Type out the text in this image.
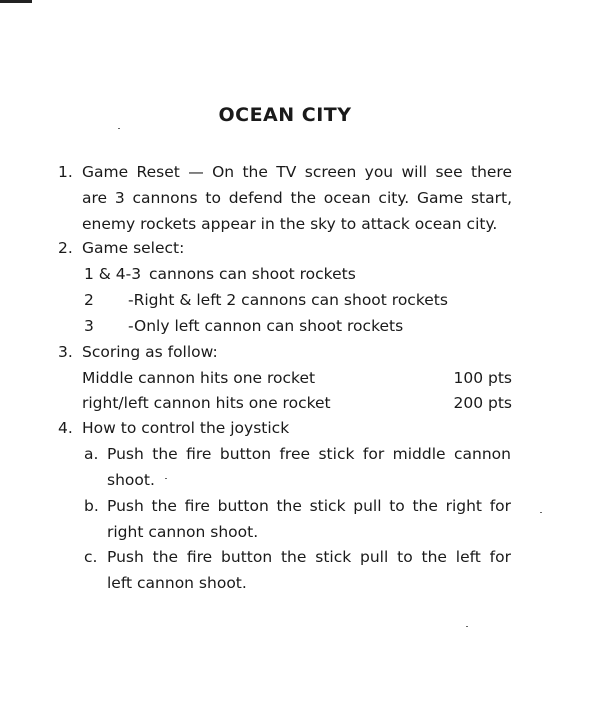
OCEAN CITY
1. Game Reset — On the TV screen you will see there
are 3 cannons to defend the ocean city. Game start,
enemy rockets appear in the sky to attack ocean city.
2. Game select:
1 & 4-3 cannons can shoot rockets
2 -Right & left 2 cannons can shoot rockets
3 -Only left cannon can shoot rockets
3. Scoring as follow:
Middle cannon hits one rocket	100 pts
right/left cannon hits one rocket	200 pts
4. How to control the joystick
a. Push the fire button free stick for middle cannon
shoot.
b. Push the fire button the stick pull to the right for
right cannon shoot.
c. Push the fire button the stick pull to the left for
left cannon shoot.
